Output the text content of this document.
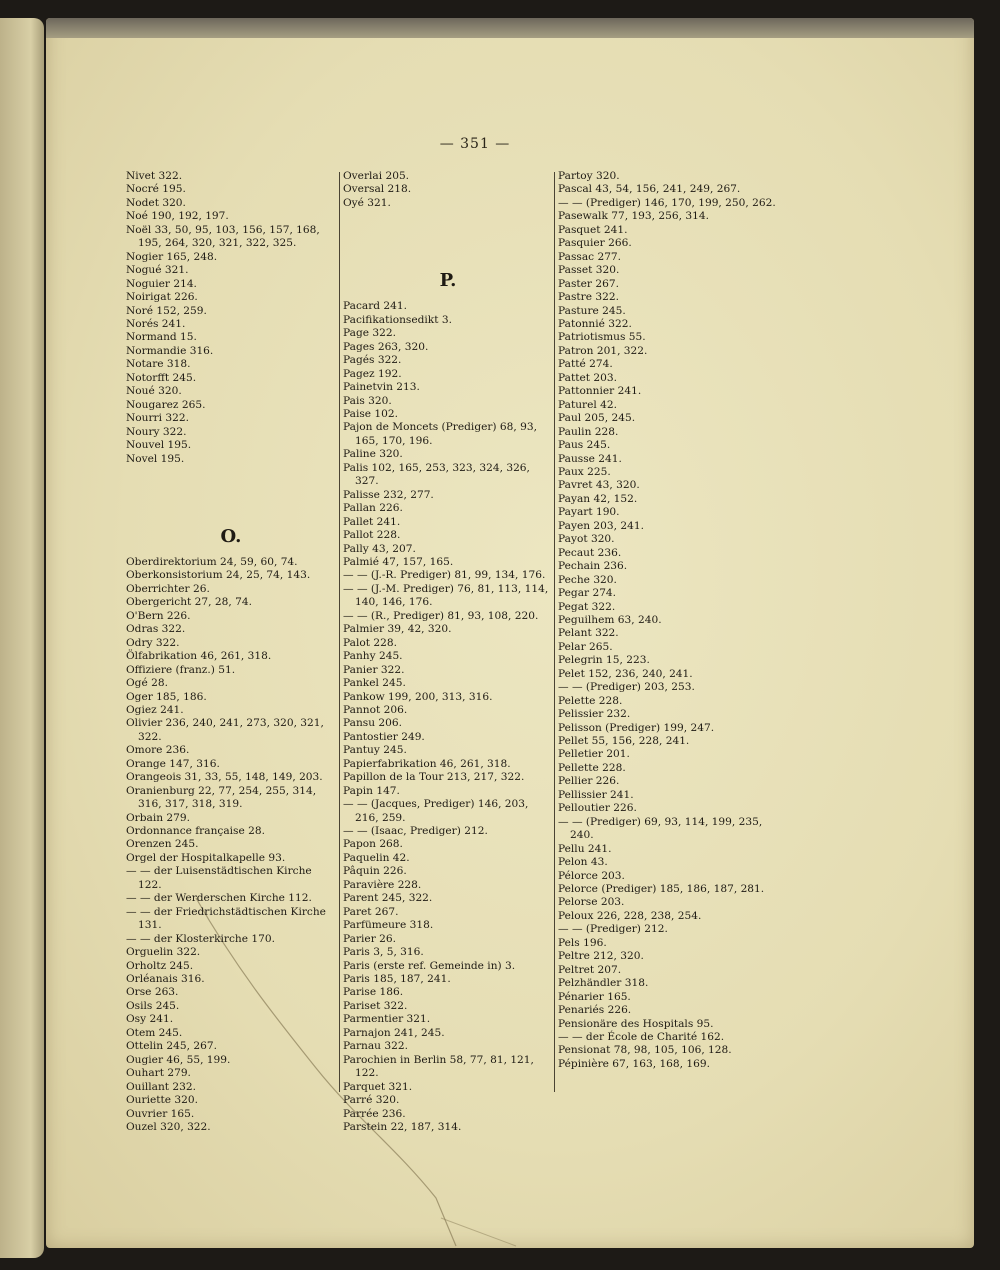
— 351 —
Nivet 322.
Nocré 195.
Nodet 320.
Noé 190, 192, 197.
Noël 33, 50, 95, 103, 156, 157, 168, 195, 264, 320, 321, 322, 325.
Nogier 165, 248.
Nogué 321.
Noguier 214.
Noirigat 226.
Noré 152, 259.
Norés 241.
Normand 15.
Normandie 316.
Notare 318.
Notorfft 245.
Noué 320.
Nougarez 265.
Nourri 322.
Noury 322.
Nouvel 195.
Novel 195.
O.
Oberdirektorium 24, 59, 60, 74.
Oberkonsistorium 24, 25, 74, 143.
Oberrichter 26.
Obergericht 27, 28, 74.
O'Bern 226.
Odras 322.
Odry 322.
Ölfabrikation 46, 261, 318.
Offiziere (franz.) 51.
Ogé 28.
Oger 185, 186.
Ogiez 241.
Olivier 236, 240, 241, 273, 320, 321, 322.
Omore 236.
Orange 147, 316.
Orangeois 31, 33, 55, 148, 149, 203.
Oranienburg 22, 77, 254, 255, 314, 316, 317, 318, 319.
Orbain 279.
Ordonnance française 28.
Orenzen 245.
Orgel der Hospitalkapelle 93.
— — der Luisenstädtischen Kirche 122.
— — der Werderschen Kirche 112.
— — der Friedrichstädtischen Kirche 131.
— — der Klosterkirche 170.
Orguelin 322.
Orholtz 245.
Orléanais 316.
Orse 263.
Osils 245.
Osy 241.
Otem 245.
Ottelin 245, 267.
Ougier 46, 55, 199.
Ouhart 279.
Ouillant 232.
Ouriette 320.
Ouvrier 165.
Ouzel 320, 322.
Overlai 205.
Oversal 218.
Oyé 321.
P.
Pacard 241.
Pacifikationsedikt 3.
Page 322.
Pages 263, 320.
Pagés 322.
Pagez 192.
Painetvin 213.
Pais 320.
Paise 102.
Pajon de Moncets (Prediger) 68, 93, 165, 170, 196.
Paline 320.
Palis 102, 165, 253, 323, 324, 326, 327.
Palisse 232, 277.
Pallan 226.
Pallet 241.
Pallot 228.
Pally 43, 207.
Palmié 47, 157, 165.
— — (J.-R. Prediger) 81, 99, 134, 176.
— — (J.-M. Prediger) 76, 81, 113, 114, 140, 146, 176.
— — (R., Prediger) 81, 93, 108, 220.
Palmier 39, 42, 320.
Palot 228.
Panhy 245.
Panier 322.
Pankel 245.
Pankow 199, 200, 313, 316.
Pannot 206.
Pansu 206.
Pantostier 249.
Pantuy 245.
Papierfabrikation 46, 261, 318.
Papillon de la Tour 213, 217, 322.
Papin 147.
— — (Jacques, Prediger) 146, 203, 216, 259.
— — (Isaac, Prediger) 212.
Papon 268.
Paquelin 42.
Pâquin 226.
Paravière 228.
Parent 245, 322.
Paret 267.
Parfümeure 318.
Parier 26.
Paris 3, 5, 316.
Paris (erste ref. Gemeinde in) 3.
Paris 185, 187, 241.
Parise 186.
Pariset 322.
Parmentier 321.
Parnajon 241, 245.
Parnau 322.
Parochien in Berlin 58, 77, 81, 121, 122.
Parquet 321.
Parré 320.
Parrée 236.
Parstein 22, 187, 314.
Partoy 320.
Pascal 43, 54, 156, 241, 249, 267.
— — (Prediger) 146, 170, 199, 250, 262.
Pasewalk 77, 193, 256, 314.
Pasquet 241.
Pasquier 266.
Passac 277.
Passet 320.
Paster 267.
Pastre 322.
Pasture 245.
Patonnié 322.
Patriotismus 55.
Patron 201, 322.
Patté 274.
Pattet 203.
Pattonnier 241.
Paturel 42.
Paul 205, 245.
Paulin 228.
Paus 245.
Pausse 241.
Paux 225.
Pavret 43, 320.
Payan 42, 152.
Payart 190.
Payen 203, 241.
Payot 320.
Pecaut 236.
Pechain 236.
Peche 320.
Pegar 274.
Pegat 322.
Peguilhem 63, 240.
Pelant 322.
Pelar 265.
Pelegrin 15, 223.
Pelet 152, 236, 240, 241.
— — (Prediger) 203, 253.
Pelette 228.
Pelissier 232.
Pelisson (Prediger) 199, 247.
Pellet 55, 156, 228, 241.
Pelletier 201.
Pellette 228.
Pellier 226.
Pellissier 241.
Pelloutier 226.
— — (Prediger) 69, 93, 114, 199, 235, 240.
Pellu 241.
Pelon 43.
Pélorce 203.
Pelorce (Prediger) 185, 186, 187, 281.
Pelorse 203.
Peloux 226, 228, 238, 254.
— — (Prediger) 212.
Pels 196.
Peltre 212, 320.
Peltret 207.
Pelzhändler 318.
Pénarier 165.
Penariés 226.
Pensionäre des Hospitals 95.
— — der École de Charité 162.
Pensionat 78, 98, 105, 106, 128.
Pépinière 67, 163, 168, 169.
